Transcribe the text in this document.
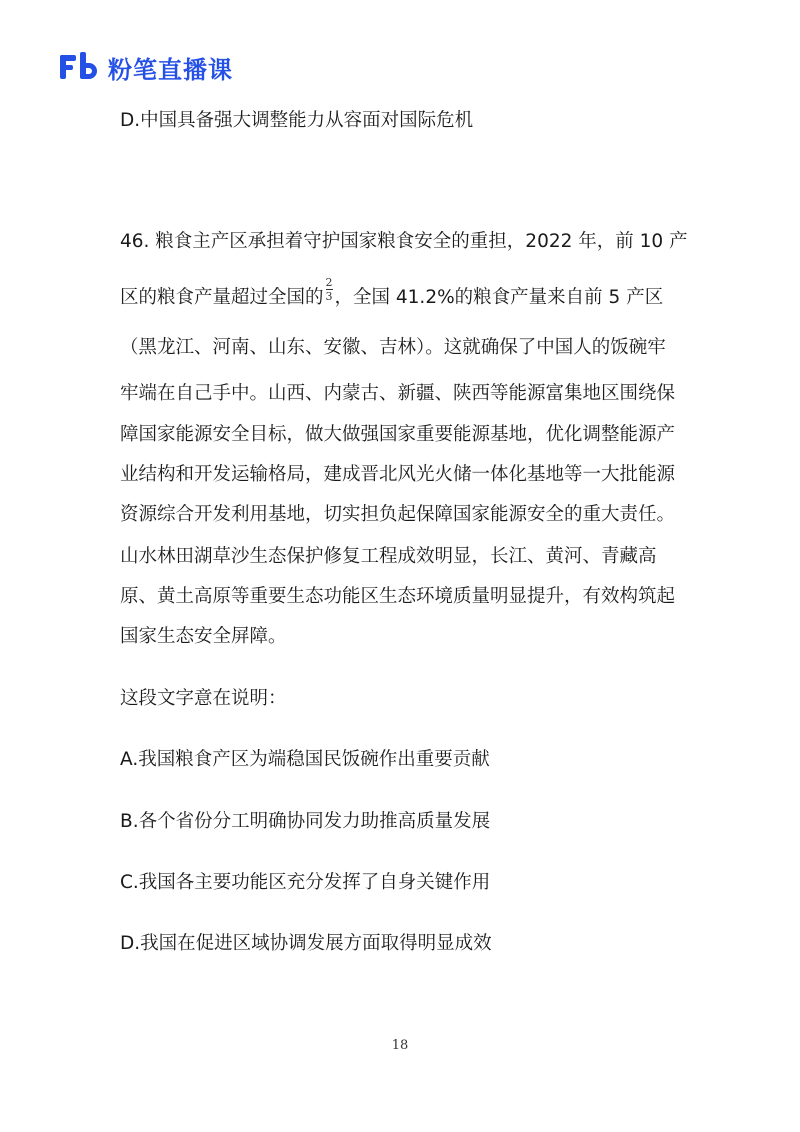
粉笔直播课
D.中国具备强大调整能力从容面对国际危机
46. 粮食主产区承担着守护国家粮食安全的重担，2022 年，前 10 产
区的粮食产量超过全国的 $\frac{2}{3}$ ，全国 41.2%的粮食产量来自前 5 产区
（黑龙江、河南、山东、安徽、吉林）。这就确保了中国人的饭碗牢
牢端在自己手中。山西、内蒙古、新疆、陕西等能源富集地区围绕保
障国家能源安全目标，做大做强国家重要能源基地，优化调整能源产
业结构和开发运输格局，建成晋北风光火储一体化基地等一大批能源
资源综合开发利用基地，切实担负起保障国家能源安全的重大责任。
山水林田湖草沙生态保护修复工程成效明显，长江、黄河、青藏高
原、黄土高原等重要生态功能区生态环境质量明显提升，有效构筑起
国家生态安全屏障。
这段文字意在说明：
A.我国粮食产区为端稳国民饭碗作出重要贡献
B.各个省份分工明确协同发力助推高质量发展
C.我国各主要功能区充分发挥了自身关键作用
D.我国在促进区域协调发展方面取得明显成效
18
